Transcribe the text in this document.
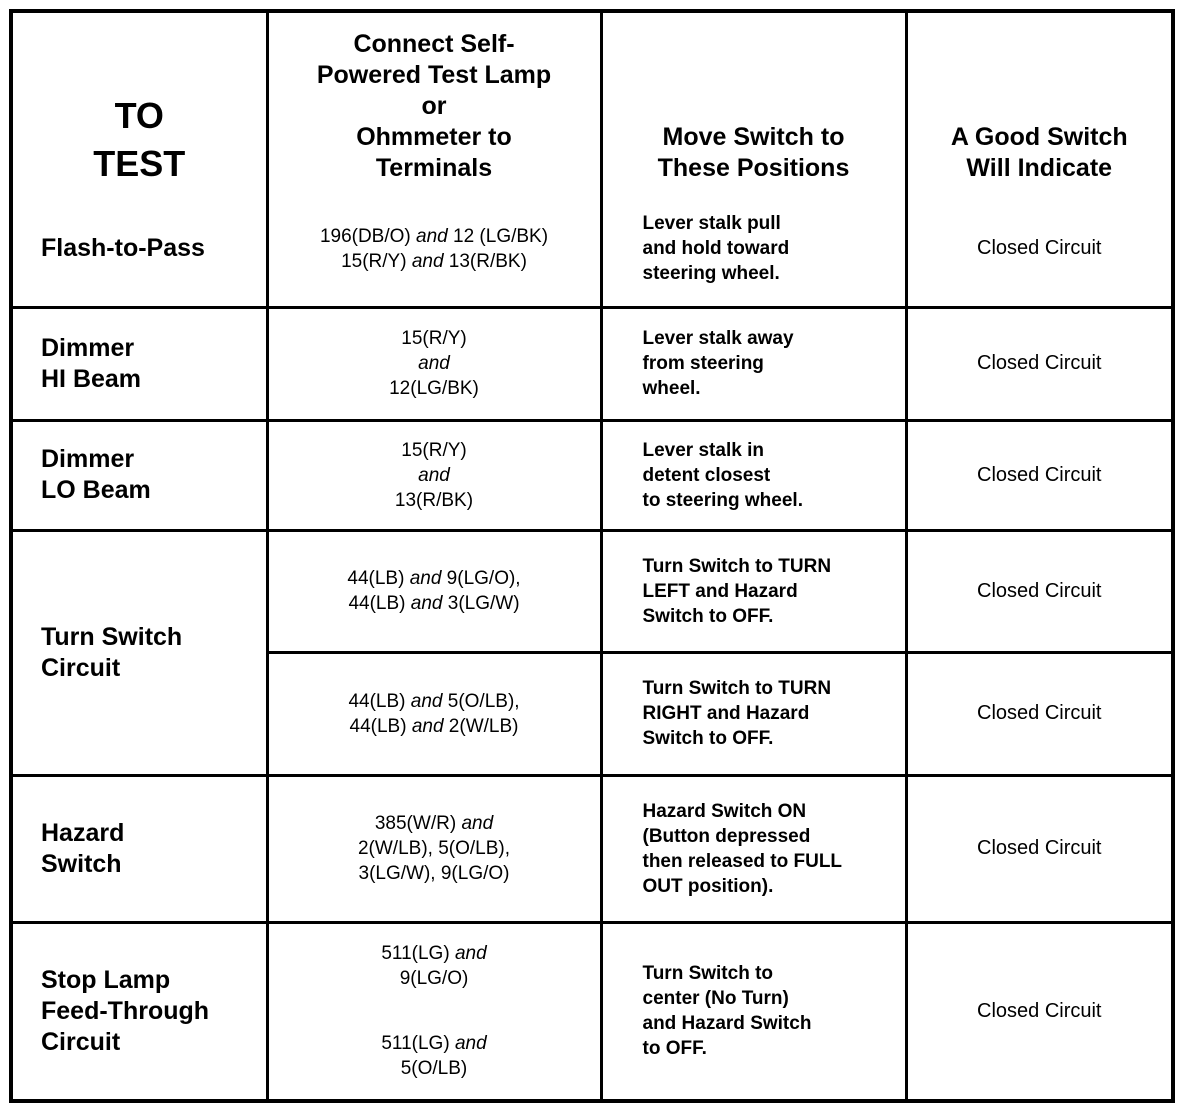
TO
TEST	Connect Self-
Powered Test Lamp
or
Ohmmeter to
Terminals	Move Switch to
These Positions	A Good Switch
Will Indicate

Flash-to-Pass	196(DB/O) and 12 (LG/BK)
15(R/Y) and 13(R/BK)	Lever stalk pull
and hold toward
steering wheel.	Closed Circuit

Dimmer
HI Beam	15(R/Y)
and
12(LG/BK)	Lever stalk away
from steering
wheel.	Closed Circuit

Dimmer
LO Beam	15(R/Y)
and
13(R/BK)	Lever stalk in
detent closest
to steering wheel.	Closed Circuit

Turn Switch
Circuit	44(LB) and 9(LG/O),
44(LB) and 3(LG/W)	Turn Switch to TURN
LEFT and Hazard
Switch to OFF.	Closed Circuit

	44(LB) and 5(O/LB),
44(LB) and 2(W/LB)	Turn Switch to TURN
RIGHT and Hazard
Switch to OFF.	Closed Circuit

Hazard
Switch	385(W/R) and
2(W/LB), 5(O/LB),
3(LG/W), 9(LG/O)	Hazard Switch ON
(Button depressed
then released to FULL
OUT position).	Closed Circuit

Stop Lamp
Feed-Through
Circuit	511(LG) and
9(LG/O)
511(LG) and
5(O/LB)	Turn Switch to
center (No Turn)
and Hazard Switch
to OFF.	Closed Circuit
